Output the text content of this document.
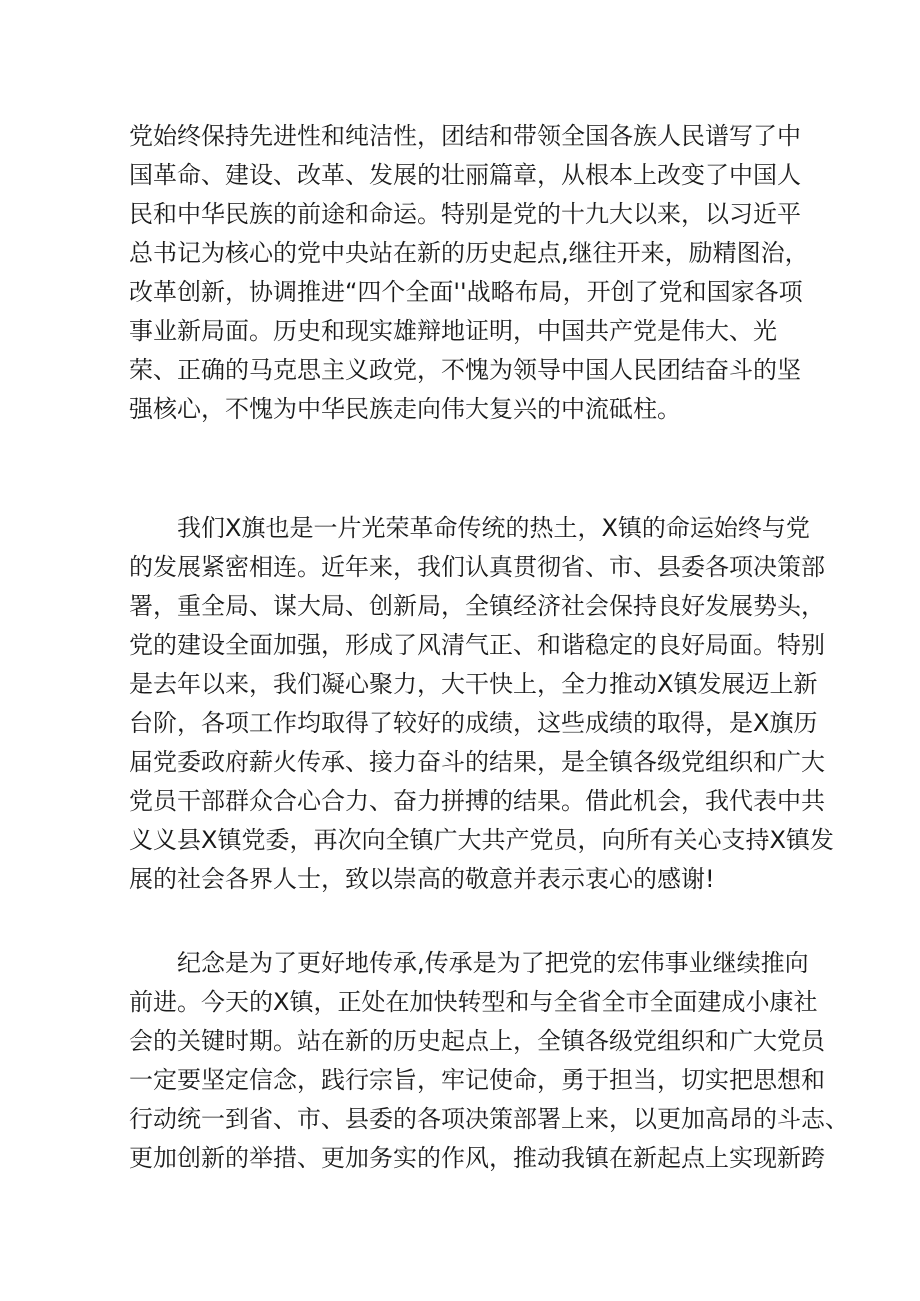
党始终保持先进性和纯洁性，团结和带领全国各族人民谱写了中
国革命、建设、改革、发展的壮丽篇章，从根本上改变了中国人
民和中华民族的前途和命运。特别是党的十九大以来，以习近平
总书记为核心的党中央站在新的历史起点,继往开来，励精图治，
改革创新，协调推进“四个全面''战略布局，开创了党和国家各项
事业新局面。历史和现实雄辩地证明，中国共产党是伟大、光
荣、正确的马克思主义政党，不愧为领导中国人民团结奋斗的坚
强核心，不愧为中华民族走向伟大复兴的中流砥柱。
我们X旗也是一片光荣革命传统的热土，X镇的命运始终与党
的发展紧密相连。近年来，我们认真贯彻省、市、县委各项决策部
署，重全局、谋大局、创新局，全镇经济社会保持良好发展势头，
党的建设全面加强，形成了风清气正、和谐稳定的良好局面。特别
是去年以来，我们凝心聚力，大干快上，全力推动X镇发展迈上新
台阶，各项工作均取得了较好的成绩，这些成绩的取得，是X旗历
届党委政府薪火传承、接力奋斗的结果，是全镇各级党组织和广大
党员干部群众合心合力、奋力拼搏的结果。借此机会，我代表中共
义义县X镇党委，再次向全镇广大共产党员，向所有关心支持X镇发
展的社会各界人士，致以崇高的敬意并表示衷心的感谢!
纪念是为了更好地传承,传承是为了把党的宏伟事业继续推向
前进。今天的X镇，正处在加快转型和与全省全市全面建成小康社
会的关键时期。站在新的历史起点上，全镇各级党组织和广大党员
一定要坚定信念，践行宗旨，牢记使命，勇于担当，切实把思想和
行动统一到省、市、县委的各项决策部署上来，以更加高昂的斗志、
更加创新的举措、更加务实的作风，推动我镇在新起点上实现新跨
